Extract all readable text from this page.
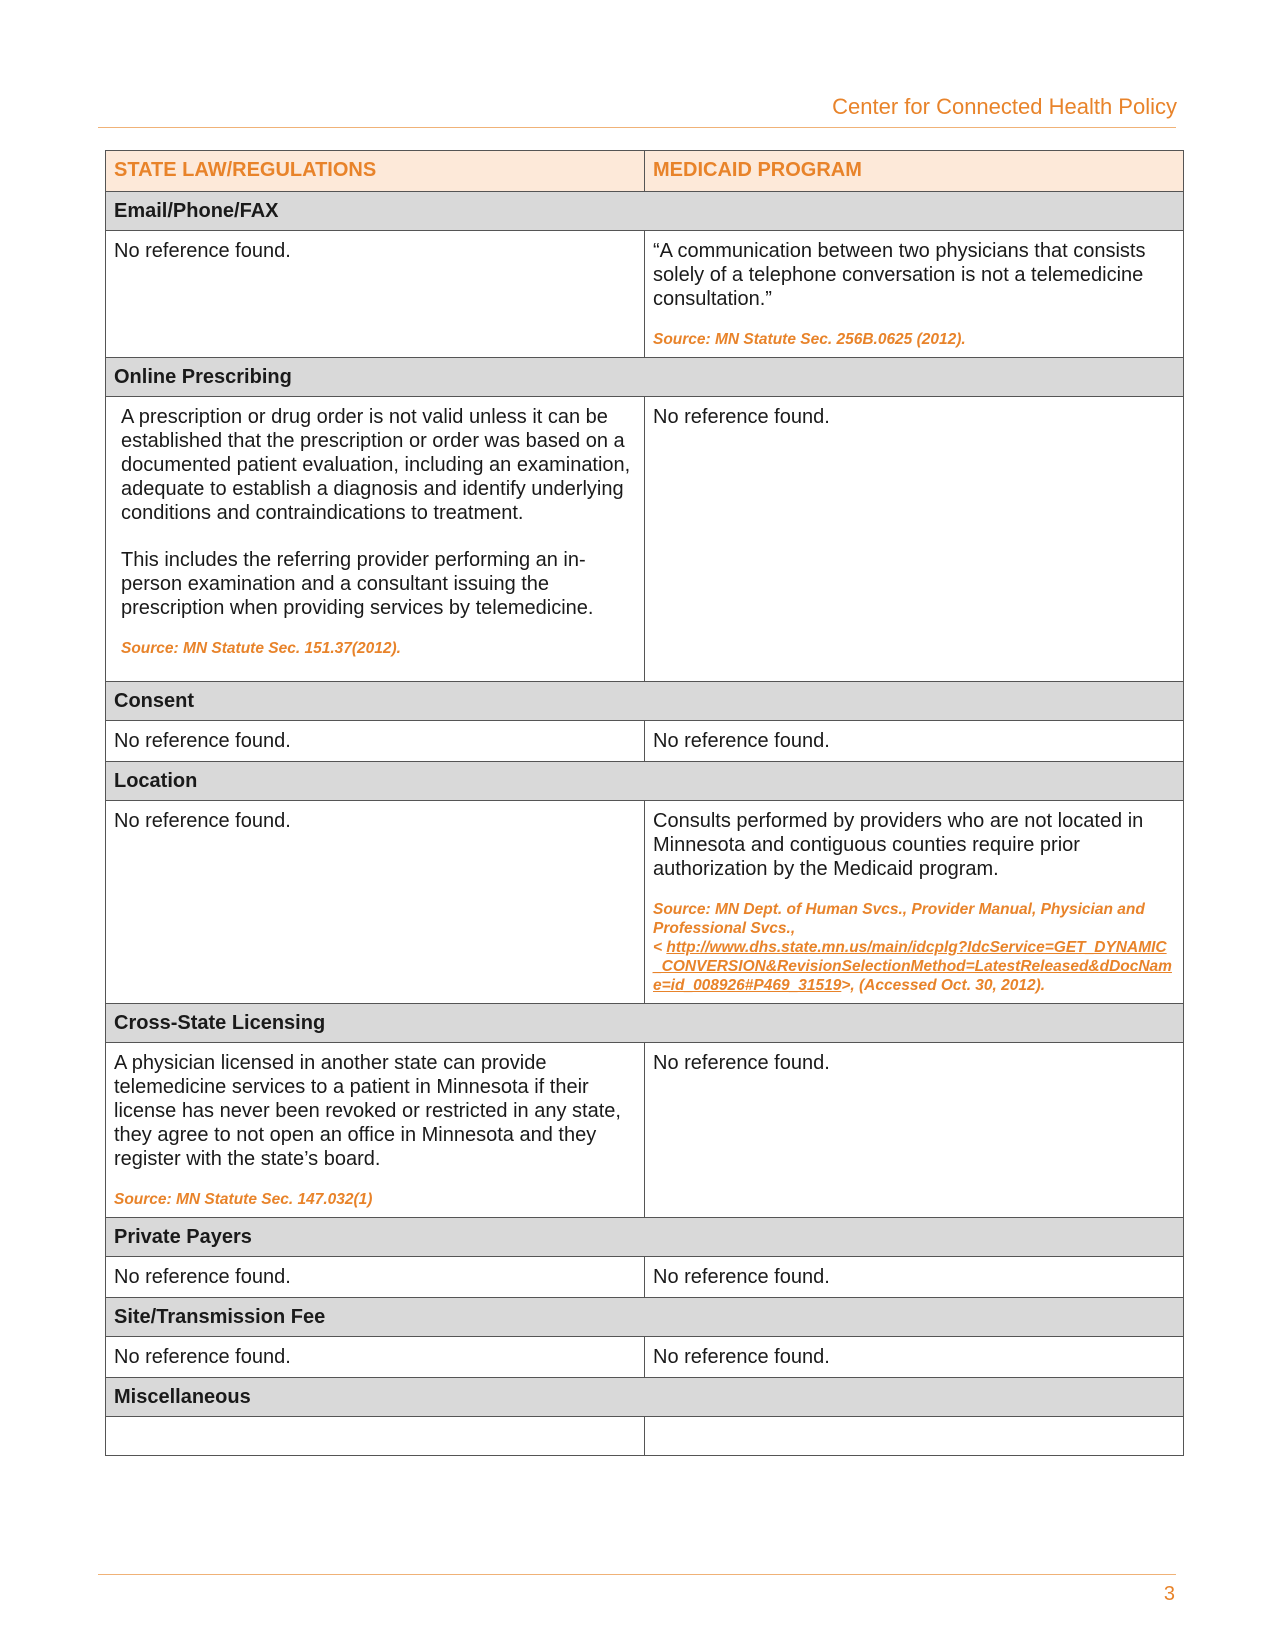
Center for Connected Health Policy
STATE LAW/REGULATIONS	MEDICAID PROGRAM
Email/Phone/FAX	

No reference found.	“A communication between two physicians that consists solely of a telephone conversation is not a telemedicine consultation.”

Source: MN Statute Sec. 256B.0625 (2012).

Online Prescribing	

A prescription or drug order is not valid unless it can be established that the prescription or order was based on a documented patient evaluation, including an examination, adequate to establish a diagnosis and identify underlying conditions and contraindications to treatment.

This includes the referring provider performing an in-person examination and a consultant issuing the prescription when providing services by telemedicine.

Source: MN Statute Sec. 151.37(2012).	No reference found.

Consent	

No reference found.	No reference found.

Location	

No reference found.	Consults performed by providers who are not located in Minnesota and contiguous counties require prior authorization by the Medicaid program.

Source: MN Dept. of Human Svcs., Provider Manual, Physician and Professional Svcs.,
< http://www.dhs.state.mn.us/main/idcplg?IdcService=GET_DYNAMIC_CONVERSION&RevisionSelectionMethod=LatestReleased&dDocName=id_008926#P469_31519>, (Accessed Oct. 30, 2012).

Cross-State Licensing	

A physician licensed in another state can provide telemedicine services to a patient in Minnesota if their license has never been revoked or restricted in any state, they agree to not open an office in Minnesota and they register with the state’s board.

Source: MN Statute Sec. 147.032(1)	No reference found.

Private Payers	

No reference found.	No reference found.

Site/Transmission Fee	

No reference found.	No reference found.

Miscellaneous	

3
